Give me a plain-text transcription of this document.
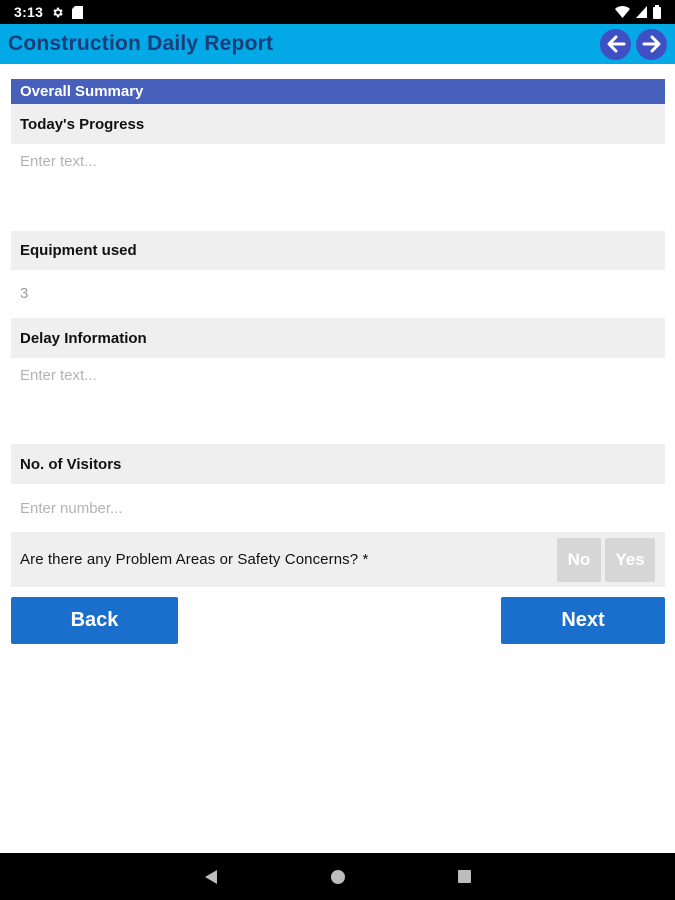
3:13
Construction Daily Report
Overall Summary
Today's Progress
Enter text...
Equipment used
3
Delay Information
Enter text...
No. of Visitors
Enter number...
Are there any Problem Areas or Safety Concerns? *	No	Yes
Back	Next
